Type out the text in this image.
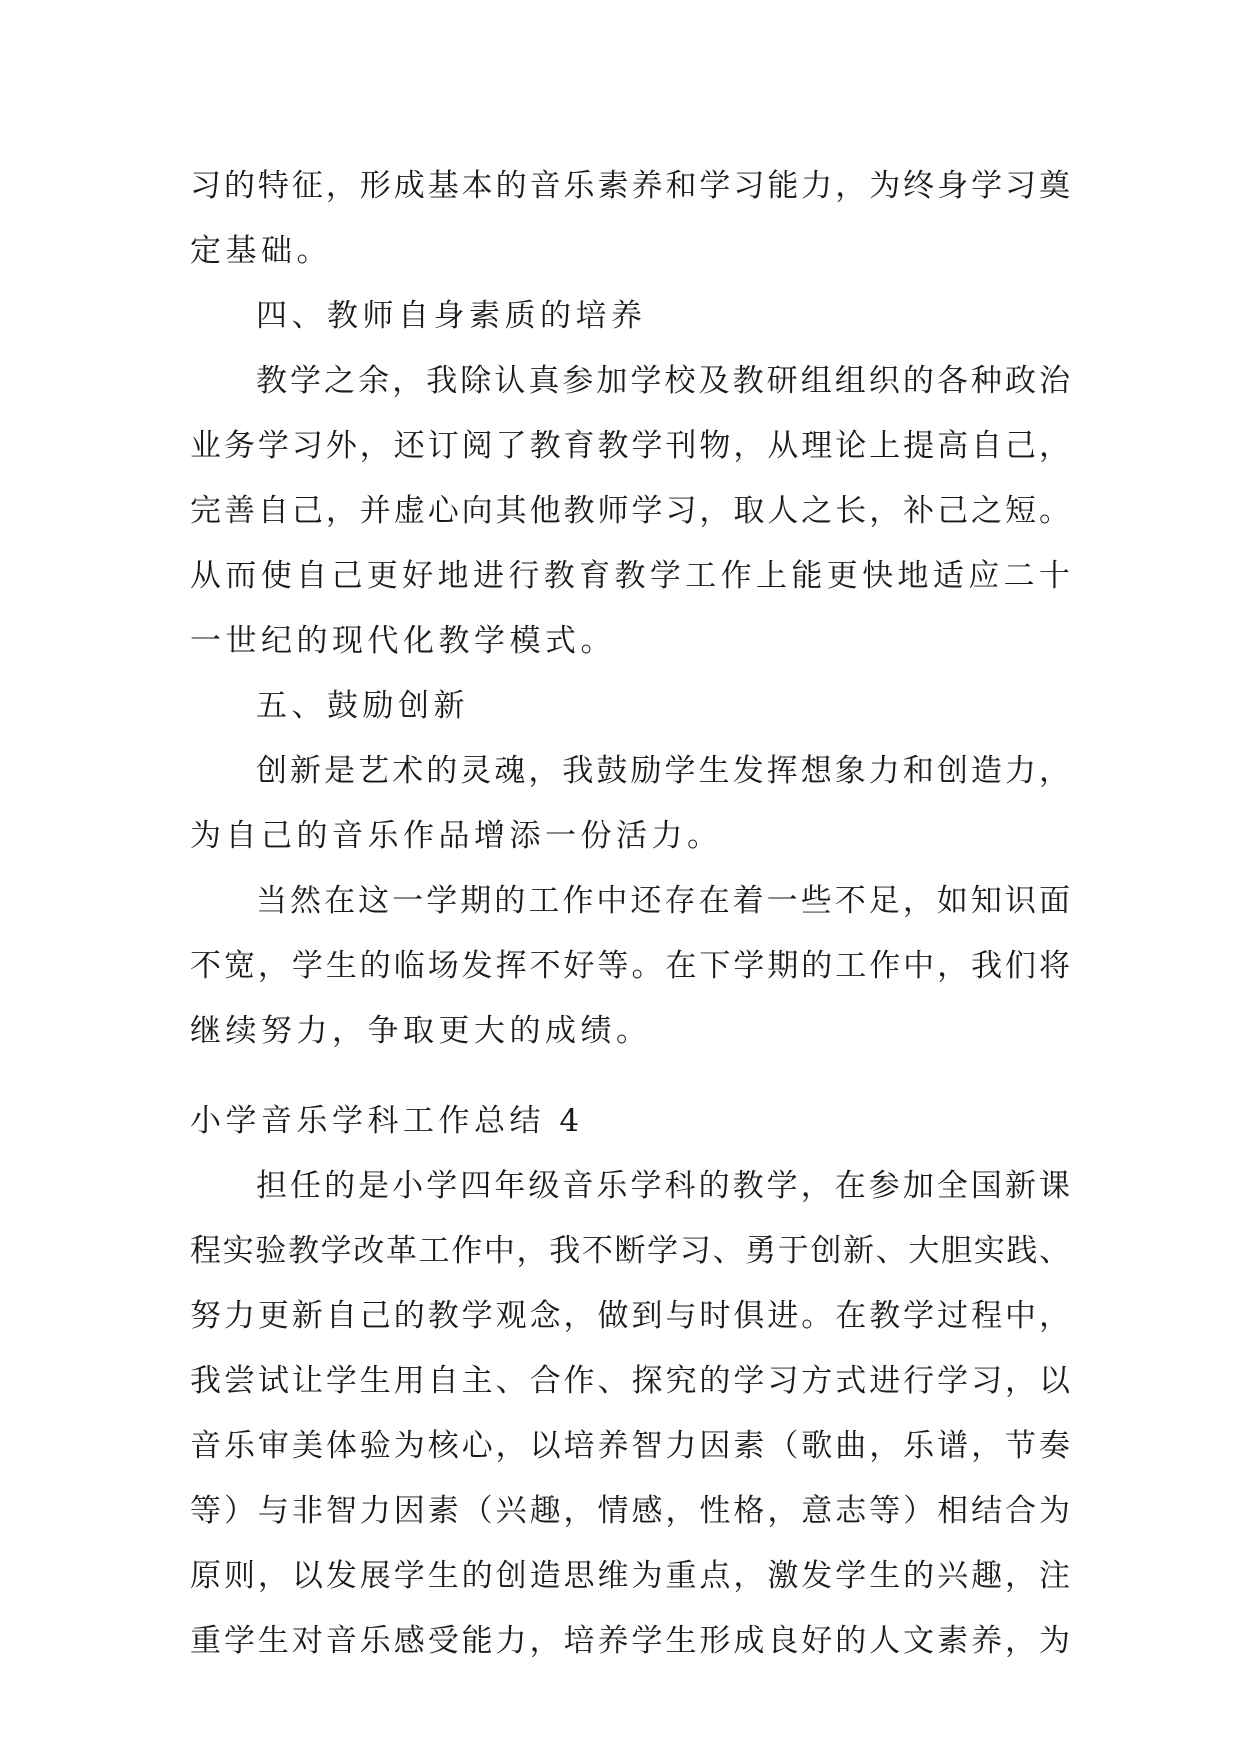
习的特征，形成基本的音乐素养和学习能力，为终身学习奠
定基础。
四、教师自身素质的培养
教学之余，我除认真参加学校及教研组组织的各种政治
业务学习外，还订阅了教育教学刊物，从理论上提高自己，
完善自己，并虚心向其他教师学习，取人之长，补己之短。
从而使自己更好地进行教育教学工作上能更快地适应二十
一世纪的现代化教学模式。
五、鼓励创新
创新是艺术的灵魂，我鼓励学生发挥想象力和创造力，
为自己的音乐作品增添一份活力。
当然在这一学期的工作中还存在着一些不足，如知识面
不宽，学生的临场发挥不好等。在下学期的工作中，我们将
继续努力，争取更大的成绩。
小学音乐学科工作总结 4
担任的是小学四年级音乐学科的教学，在参加全国新课
程实验教学改革工作中，我不断学习、勇于创新、大胆实践、
努力更新自己的教学观念，做到与时俱进。在教学过程中，
我尝试让学生用自主、合作、探究的学习方式进行学习，以
音乐审美体验为核心，以培养智力因素（歌曲，乐谱，节奏
等）与非智力因素（兴趣，情感，性格，意志等）相结合为
原则，以发展学生的创造思维为重点，激发学生的兴趣，注
重学生对音乐感受能力，培养学生形成良好的人文素养，为
